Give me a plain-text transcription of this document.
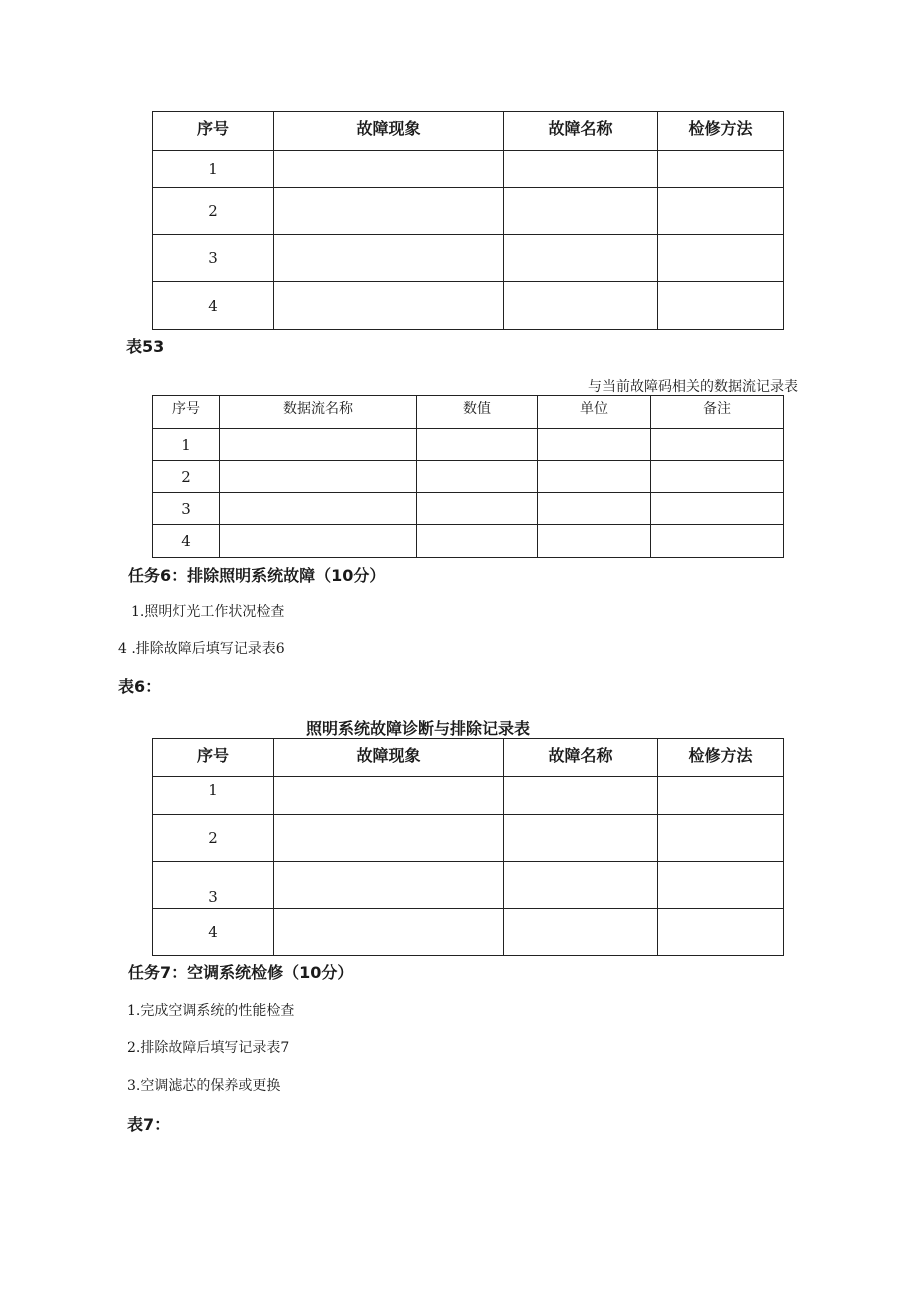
序号	故障现象	故障名称	检修方法
1			
2			
3			
4			
表53
与当前故障码相关的数据流记录表
序号	数据流名称	数值	单位	备注
1				
2				
3				
4				
任务6：排除照明系统故障（10分）
1.照明灯光工作状况检查
4 .排除故障后填写记录表6
表6：
照明系统故障诊断与排除记录表
序号	故障现象	故障名称	检修方法
1			
2			
3			
4			
任务7：空调系统检修（10分）
1.完成空调系统的性能检查
2.排除故障后填写记录表7
3.空调滤芯的保养或更换
表7：
